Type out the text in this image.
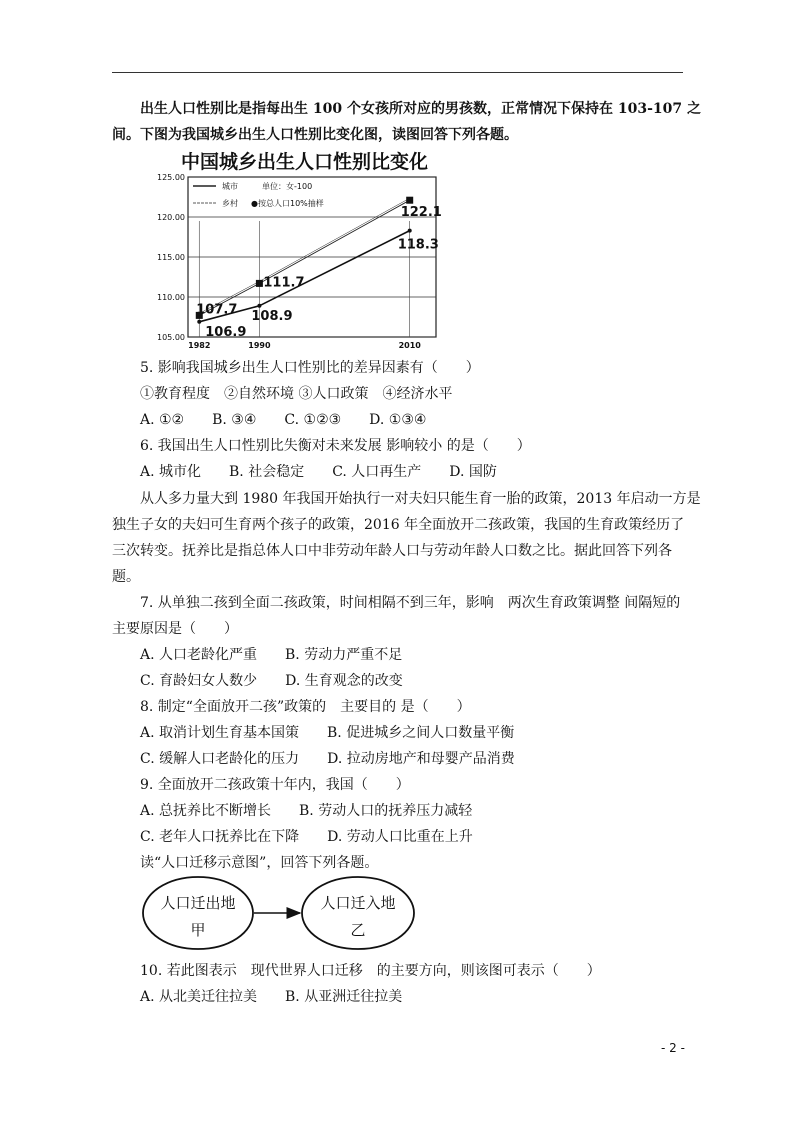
出生人口性别比是指每出生 100 个女孩所对应的男孩数，正常情况下保持在 103-107 之
间。下图为我国城乡出生人口性别比变化图，读图回答下列各题。
中国城乡出生人口性别比变化
城市	单位：女-100
乡村 ●按总人口10%抽样
106.9
108.9
118.3
107.7
111.7
122.1
105.00
110.00
115.00
120.00
125.00
1982	1990	2010
5. 影响我国城乡出生人口性别比的差异因素有（　　）
①教育程度　②自然环境 ③人口政策　④经济水平
A. ①②　　B. ③④　　C. ①②③　　D. ①③④
6. 我国出生人口性别比失衡对未来发展 影响较小 的是（　　）
A. 城市化　　B. 社会稳定　　C. 人口再生产　　D. 国防
从人多力量大到 1980 年我国开始执行一对夫妇只能生育一胎的政策，2013 年启动一方是
独生子女的夫妇可生育两个孩子的政策，2016 年全面放开二孩政策，我国的生育政策经历了
三次转变。抚养比是指总体人口中非劳动年龄人口与劳动年龄人口数之比。据此回答下列各
题。
7. 从单独二孩到全面二孩政策，时间相隔不到三年，影响　两次生育政策调整 间隔短的
主要原因是（　　）
A. 人口老龄化严重　　B. 劳动力严重不足
C. 育龄妇女人数少　　D. 生育观念的改变
8. 制定“全面放开二孩”政策的　主要目的 是（　　）
A. 取消计划生育基本国策　　B. 促进城乡之间人口数量平衡
C. 缓解人口老龄化的压力　　D. 拉动房地产和母婴产品消费
9. 全面放开二孩政策十年内，我国（　　）
A. 总抚养比不断增长　　B. 劳动人口的抚养压力减轻
C. 老年人口抚养比在下降　　D. 劳动人口比重在上升
读“人口迁移示意图”，回答下列各题。
人口迁出地
甲
人口迁入地
乙
10. 若此图表示　现代世界人口迁移　的主要方向，则该图可表示（　　）
A. 从北美迁往拉美　　B. 从亚洲迁往拉美
- 2 -
